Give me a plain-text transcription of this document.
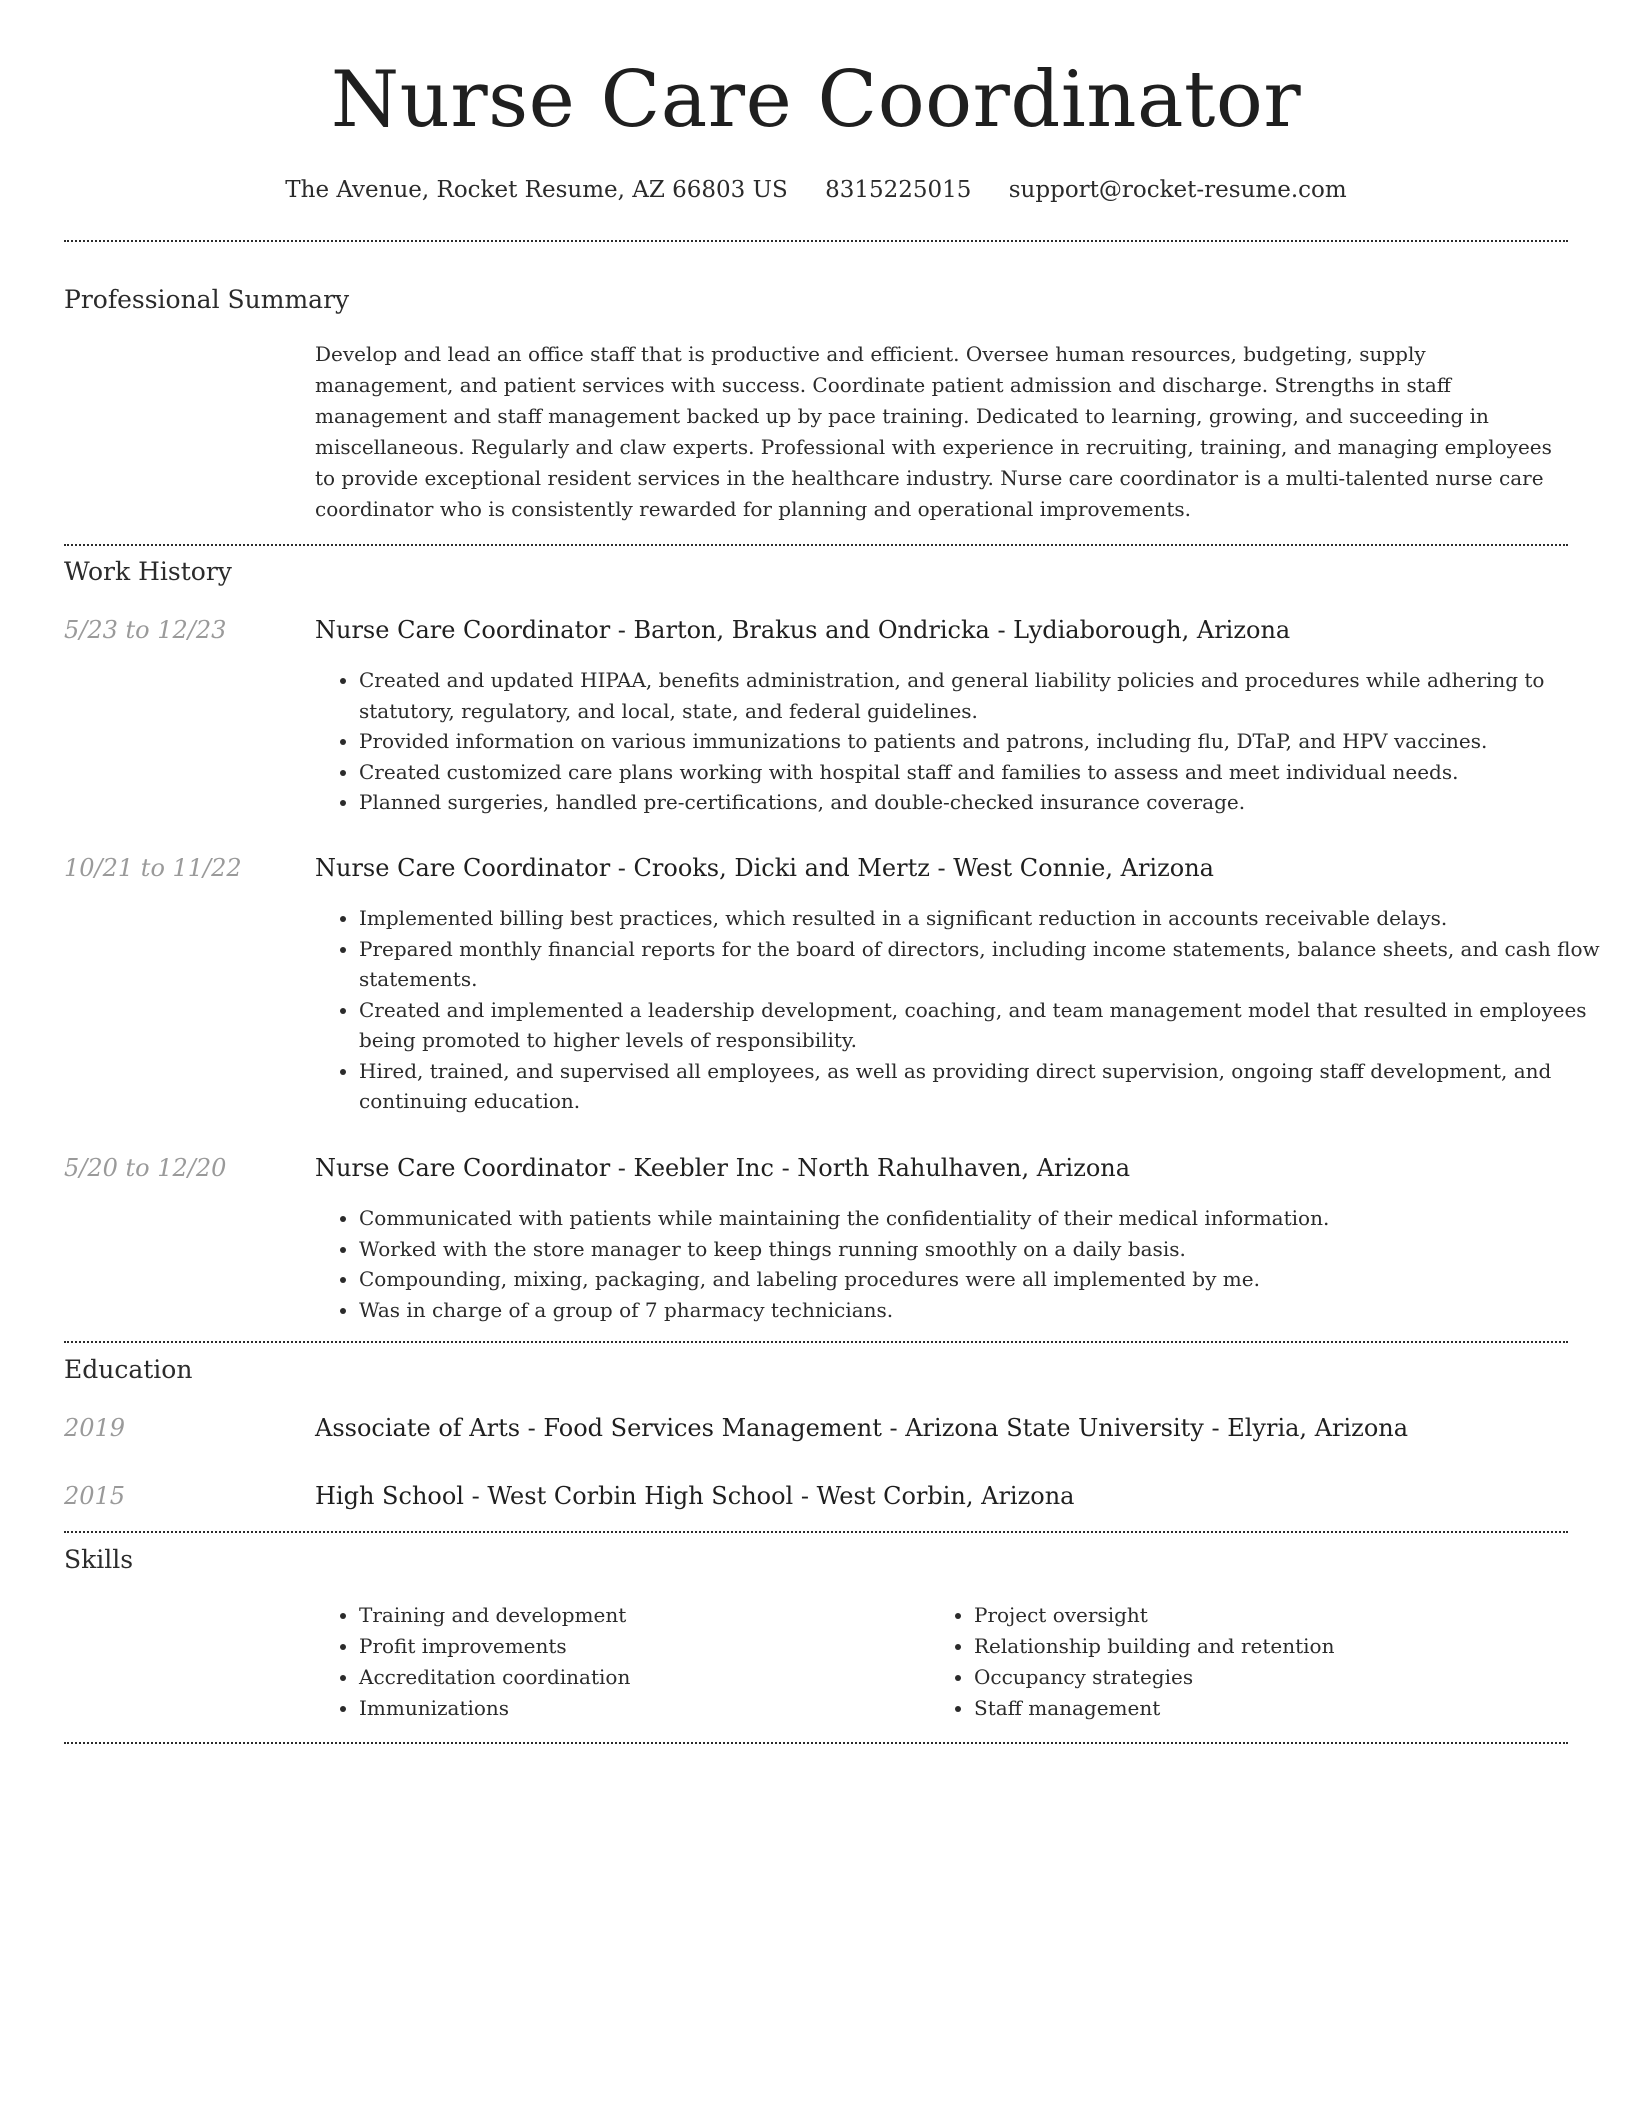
Nurse Care Coordinator
The Avenue, Rocket Resume, AZ 66803 US 8315225015 support@rocket-resume.com
Professional Summary

Develop and lead an office staff that is productive and efficient. Oversee human resources, budgeting, supply management, and patient services with success. Coordinate patient admission and discharge. Strengths in staff management and staff management backed up by pace training. Dedicated to learning, growing, and succeeding in miscellaneous. Regularly and claw experts. Professional with experience in recruiting, training, and managing employees to provide exceptional resident services in the healthcare industry. Nurse care coordinator is a multi-talented nurse care coordinator who is consistently rewarded for planning and operational improvements.

Work History
5/23 to 12/23	Nurse Care Coordinator - Barton, Brakus and Ondricka - Lydiaborough, Arizona
• Created and updated HIPAA, benefits administration, and general liability policies and procedures while adhering to statutory, regulatory, and local, state, and federal guidelines.
• Provided information on various immunizations to patients and patrons, including flu, DTaP, and HPV vaccines.
• Created customized care plans working with hospital staff and families to assess and meet individual needs.
• Planned surgeries, handled pre-certifications, and double-checked insurance coverage.
10/21 to 11/22	Nurse Care Coordinator - Crooks, Dicki and Mertz - West Connie, Arizona
• Implemented billing best practices, which resulted in a significant reduction in accounts receivable delays.
• Prepared monthly financial reports for the board of directors, including income statements, balance sheets, and cash flow statements.
• Created and implemented a leadership development, coaching, and team management model that resulted in employees being promoted to higher levels of responsibility.
• Hired, trained, and supervised all employees, as well as providing direct supervision, ongoing staff development, and continuing education.
5/20 to 12/20	Nurse Care Coordinator - Keebler Inc - North Rahulhaven, Arizona
• Communicated with patients while maintaining the confidentiality of their medical information.
• Worked with the store manager to keep things running smoothly on a daily basis.
• Compounding, mixing, packaging, and labeling procedures were all implemented by me.
• Was in charge of a group of 7 pharmacy technicians.
Education
2019	Associate of Arts - Food Services Management - Arizona State University - Elyria, Arizona
2015	High School - West Corbin High School - West Corbin, Arizona
Skills
• Training and development
• Profit improvements
• Accreditation coordination
• Immunizations
• Project oversight
• Relationship building and retention
• Occupancy strategies
• Staff management
